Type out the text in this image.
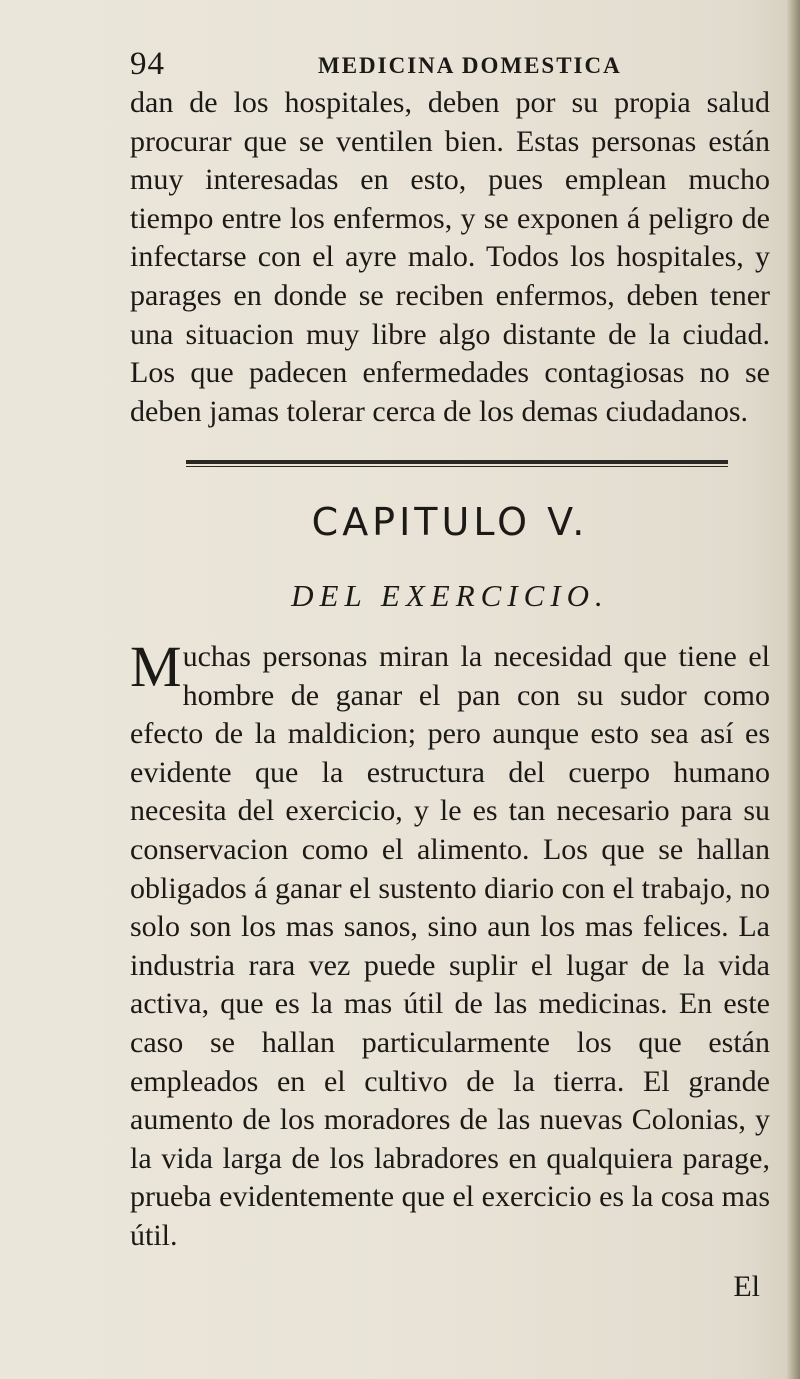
94	MEDICINA DOMESTICA
dan de los hospitales, deben por su propia salud procurar que se ventilen bien. Estas personas están muy interesadas en esto, pues emplean mucho tiempo entre los enfermos, y se exponen á peligro de infectarse con el ayre malo. Todos los hospitales, y parages en donde se reciben enfermos, deben tener una situacion muy libre algo distante de la ciudad. Los que padecen enfermedades contagiosas no se deben jamas tolerar cerca de los demas ciudadanos.
CAPITULO V.
DEL EXERCICIO.
Muchas personas miran la necesidad que tiene el hombre de ganar el pan con su sudor como efecto de la maldicion; pero aunque esto sea así es evidente que la estructura del cuerpo humano necesita del exercicio, y le es tan necesario para su conservacion como el alimento. Los que se hallan obligados á ganar el sustento diario con el trabajo, no solo son los mas sanos, sino aun los mas felices. La industria rara vez puede suplir el lugar de la vida activa, que es la mas útil de las medicinas. En este caso se hallan particularmente los que están empleados en el cultivo de la tierra. El grande aumento de los moradores de las nuevas Colonias, y la vida larga de los labradores en qualquiera parage, prueba evidentemente que el exercicio es la cosa mas útil.
El
